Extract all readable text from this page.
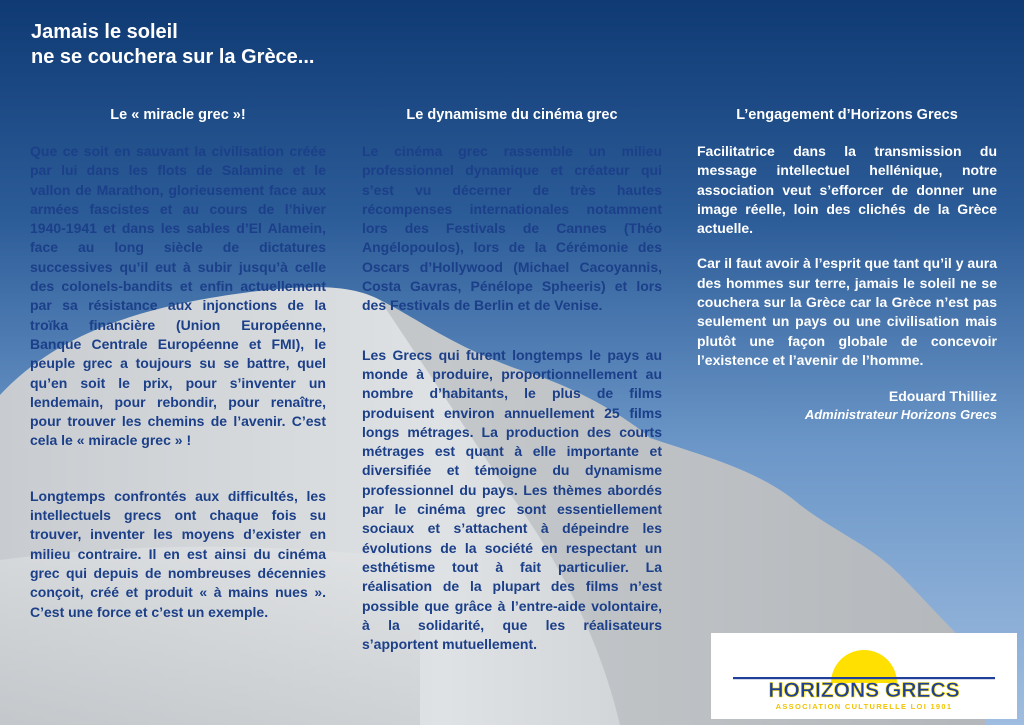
Jamais le soleil
ne se couchera sur la Grèce...
Le « miracle grec »!

Que ce soit en sauvant la civilisation créée par lui dans les flots de Salamine et le vallon de Marathon, glorieusement face aux armées fascistes et au cours de l’hiver 1940-1941 et dans les sables d’El Alamein, face au long siècle de dictatures successives qu’il eut à subir jusqu’à celle des colonels-bandits et enfin actuellement par sa résistance aux injonctions de la troïka financière (Union Européenne, Banque Centrale Européenne et FMI), le peuple grec a toujours su se battre, quel qu’en soit le prix, pour s’inventer un lendemain, pour rebondir, pour renaître, pour trouver les chemins de l’avenir. C’est cela le « miracle grec » !

Longtemps confrontés aux difficultés, les intellectuels grecs ont chaque fois su trouver, inventer les moyens d’exister en milieu contraire. Il en est ainsi du cinéma grec qui depuis de nombreuses décennies conçoit, créé et produit « à mains nues ». C’est une force et c’est un exemple.

Le dynamisme du cinéma grec

Le cinéma grec rassemble un milieu professionnel dynamique et créateur qui s’est vu décerner de très hautes récompenses internationales notamment lors des Festivals de Cannes (Théo Angélopoulos), lors de la Cérémonie des Oscars d’Hollywood (Michael Cacoyannis, Costa Gavras, Pénélope Spheeris) et lors des Festivals de Berlin et de Venise.

Les Grecs qui furent longtemps le pays au monde à produire, proportionnellement au nombre d’habitants, le plus de films produisent environ annuellement 25 films longs métrages. La production des courts métrages est quant à elle importante et diversifiée et témoigne du dynamisme professionnel du pays. Les thèmes abordés par le cinéma grec sont essentiellement sociaux et s’attachent à dépeindre les évolutions de la société en respectant un esthétisme tout à fait particulier. La réalisation de la plupart des films n’est possible que grâce à l’entre-aide volontaire, à la solidarité, que les réalisateurs s’apportent mutuellement.

L’engagement d’Horizons Grecs

Facilitatrice dans la transmission du message intellectuel hellénique, notre association veut s’efforcer de donner une image réelle, loin des clichés de la Grèce actuelle.

Car il faut avoir à l’esprit que tant qu’il y aura des hommes sur terre, jamais le soleil ne se couchera sur la Grèce car la Grèce n’est pas seulement un pays ou une civilisation mais plutôt une façon globale de concevoir l’existence et l’avenir de l’homme.

Edouard Thilliez
Administrateur Horizons Grecs
HORIZONS GRECS
ASSOCIATION CULTURELLE LOI 1901
